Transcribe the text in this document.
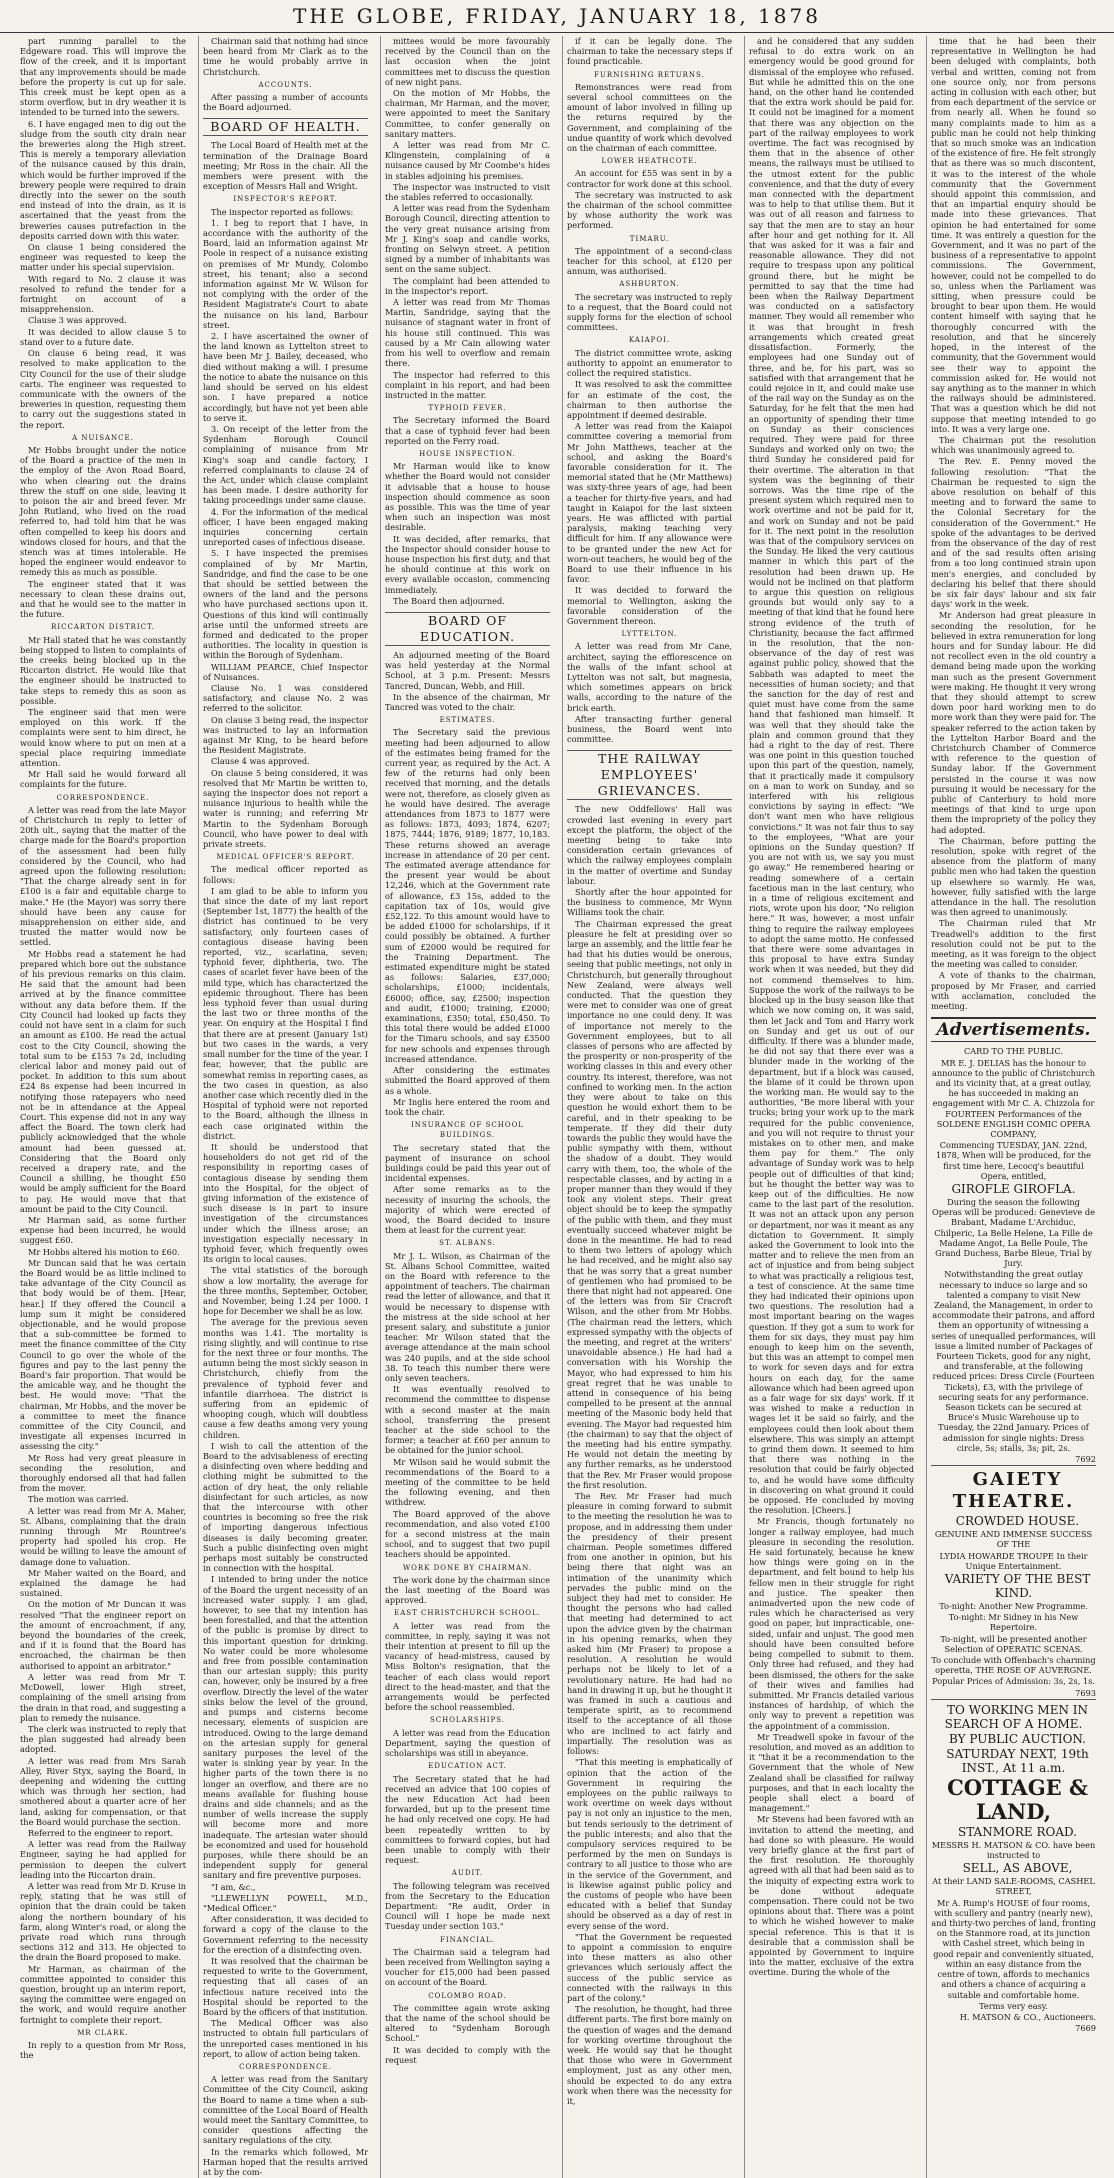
THE GLOBE, FRIDAY, JANUARY 18, 1878

part running parallel to the Edgeware road. This will improve the flow of the creek, and it is important that any improvements should be made before the property is cut up for sale. This creek must be kept open as a storm overflow, but in dry weather it is intended to be turned into the sewers.

6. I have engaged men to dig out the sludge from the south city drain near the breweries along the High street. This is merely a temporary alleviation of the nuisance caused by this drain, which would be further improved if the brewery people were required to drain directly into the sewer on the south end instead of into the drain, as it is ascertained that the yeast from the breweries causes putrefaction in the deposits carried down with this water.

On clause 1 being considered the engineer was requested to keep the matter under his special supervision.

With regard to No. 2 clause it was resolved to refund the tender for a fortnight on account of a misapprehension.

Clause 3 was approved.

It was decided to allow clause 5 to stand over to a future date.

On clause 6 being read, it was resolved to make application to the City Council for the use of their sludge carts. The engineer was requested to communicate with the owners of the breweries in question, requesting them to carry out the suggestions stated in the report.

A NUISANCE.

Mr Hobbs brought under the notice of the Board a practice of the men in the employ of the Avon Road Board, who when clearing out the drains threw the stuff on one side, leaving it to poison the air and breed fever. Mr John Rutland, who lived on the road referred to, had told him that he was often compelled to keep his doors and windows closed for hours, and that the stench was at times intolerable. He hoped the engineer would endeavor to remedy this as much as possible.

The engineer stated that it was necessary to clean these drains out, and that he would see to the matter in the future.

RICCARTON DISTRICT.

Mr Hall stated that he was constantly being stopped to listen to complaints of the creeks being blocked up in the Riccarton district. He would like that the engineer should be instructed to take steps to remedy this as soon as possible.

The engineer said that men were employed on this work. If the complaints were sent to him direct, he would know where to put on men at a special place requiring immediate attention.

Mr Hall said he would forward all complaints for the future.

CORRESPONDENCE.

A letter was read from the late Mayor of Christchurch in reply to letter of 20th ult., saying that the matter of the charge made for the Board's proportion of the assessment had been fully considered by the Council, who had agreed upon the following resolution: "That the charge already sent in for £100 is a fair and equitable charge to make." He (the Mayor) was sorry there should have been any cause for misapprehension on either side, and trusted the matter would now be settled.

Mr Hobbs read a statement he had prepared which bore out the substance of his previous remarks on this claim. He said that the amount had been arrived at by the finance committee without any data before them. If the City Council had looked up facts they could not have sent in a claim for such an amount as £100. He read the actual cost to the City Council, showing the total sum to be £153 7s 2d, including clerical labor and money paid out of pocket. In addition to this sum about £24 8s expense had been incurred in notifying those ratepayers who need not be in attendance at the Appeal Court. This expense did not in any way affect the Board. The town clerk had publicly acknowledged that the whole amount had been guessed at. Considering that the Board only received a drapery rate, and the Council a shilling, he thought £50 would be amply sufficient for the Board to pay. He would move that that amount be paid to the City Council.

Mr Harman said, as some further expense had been incurred, he would suggest £60.

Mr Hobbs altered his motion to £60.

Mr Duncan said that he was certain the Board would be as little inclined to take advantage of the City Council as that body would be of them. [Hear, hear.] If they offered the Council a lump sum it might be considered objectionable, and he would propose that a sub-committee be formed to meet the finance committee of the City Council to go over the whole of the figures and pay to the last penny the Board's fair proportion. That would be the amicable way, and he thought the best. He would move: "That the chairman, Mr Hobbs, and the mover be a committee to meet the finance committee of the City Council, and investigate all expenses incurred in assessing the city."

Mr Ross had very great pleasure in seconding the resolution, and thoroughly endorsed all that had fallen from the mover.

The motion was carried.

A letter was read from Mr A. Maher, St. Albans, complaining that the drain running through Mr Rountree's property had spoiled his crop. He would be willing to leave the amount of damage done to valuation.

Mr Maher waited on the Board, and explained the damage he had sustained.

On the motion of Mr Duncan it was resolved "That the engineer report on the amount of encroachment, if any, beyond the boundaries of the creek, and if it is found that the Board has encroached, the chairman be then authorised to appoint an arbitrator."

A letter was read from Mr T. McDowell, lower High street, complaining of the smell arising from the drain in that road, and suggesting a plan to remedy the nuisance.

The clerk was instructed to reply that the plan suggested had already been adopted.

A letter was read from Mrs Sarah Alley, River Styx, saying the Board, in deepening and widening the cutting which was through her section, had smothered about a quarter acre of her land, asking for compensation, or that the Board would purchase the section.

Referred to the engineer to report.

A letter was read from the Railway Engineer, saying he had applied for permission to deepen the culvert leading into the Riccarton drain.

A letter was read from Mr D. Kruse in reply, stating that he was still of opinion that the drain could be taken along the northern boundary of his farm, along Winter's road, or along the private road which runs through sections 312 and 313. He objected to the drain the Board proposed to make.

Mr Harman, as chairman of the committee appointed to consider this question, brought up an interim report, saying the committee were engaged on the work, and would require another fortnight to complete their report.

MR CLARK.

In reply to a question from Mr Ross, the

Chairman said that nothing had since been heard from Mr Clark as to the time he would probably arrive in Christchurch.

ACCOUNTS.

After passing a number of accounts the Board adjourned.

BOARD OF HEALTH.

The Local Board of Health met at the termination of the Drainage Board meeting; Mr Ross in the chair. All the members were present with the exception of Messrs Hall and Wright.

INSPECTOR'S REPORT.

The inspector reported as follows:

1. I beg to report that I have, in accordance with the authority of the Board, laid an information against Mr Poole in respect of a nuisance existing on premises of Mr Mundy, Colombo street, his tenant; also a second information against Mr W. Wilson for not complying with the order of the Resident Magistrate's Court to abate the nuisance on his land, Barbour street.

2. I have ascertained the owner of the land known as Lyttelton street to have been Mr J. Bailey, deceased, who died without making a will. I presume the notice to abate the nuisance on this land should be served on his eldest son. I have prepared a notice accordingly, but have not yet been able to serve it.

3. On receipt of the letter from the Sydenham Borough Council complaining of nuisance from Mr King's soap and candle factory, I referred complainants to clause 24 of the Act, under which clause complaint has been made. I desire authority for taking proceedings under same clause.

4. For the information of the medical officer, I have been engaged making inquiries concerning certain unreported cases of infectious disease.

5. I have inspected the premises complained of by Mr Martin, Sandridge, and find the case to be one that should be settled between the owners of the land and the persons who have purchased sections upon it. Questions of this kind will continually arise until the unformed streets are formed and dedicated to the proper authorities. The locality in question is within the Borough of Sydenham.

WILLIAM PEARCE, Chief Inspector of Nuisances.

Clause No. 1 was considered satisfactory, and clause No. 2 was referred to the solicitor.

On clause 3 being read, the inspector was instructed to lay an information against Mr King, to be heard before the Resident Magistrate.

Clause 4 was approved.

On clause 5 being considered, it was resolved that Mr Martin be written to, saying the inspector does not report a nuisance injurious to health while the water is running; and referring Mr Martin to the Sydenham Borough Council, who have power to deal with private streets.

MEDICAL OFFICER'S REPORT.

The medical officer reported as follows:

I am glad to be able to inform you that since the date of my last report (September 1st, 1877) the health of the district has continued to be very satisfactory, only fourteen cases of contagious disease having been reported, viz., scarlatina, seven; typhoid fever, diphtheria, two. The cases of scarlet fever have been of the mild type, which has characterized the epidemic throughout. There has been less typhoid fever than usual during the last two or three months of the year. On enquiry at the Hospital I find that there are at present (January 1st) but two cases in the wards, a very small number for the time of the year. I fear, however, that the public are somewhat remiss in reporting cases, as the two cases in question, as also another case which recently died in the Hospital of typhoid were not reported to the Board, although the illness in each case originated within the district.

It should be understood that householders do not get rid of the responsibility in reporting cases of contagious disease by sending them into the Hospital, for the object of giving information of the existence of such disease is in part to insure investigation of the circumstances under which the illness arose; an investigation especially necessary in typhoid fever, which frequently owes its origin to local causes.

The vital statistics of the borough show a low mortality, the average for the three months, September, October, and November, being 1.24 per 1000. I hope for December we shall be as low.

The average for the previous seven months was 1.41. The mortality is rising slightly, and will continue to rise for the next three or four months. The autumn being the most sickly season in Christchurch, chiefly from the prevalence of typhoid fever and infantile diarrhoea. The district is suffering from an epidemic of whooping cough, which will doubtless cause a few deaths among very young children.

I wish to call the attention of the Board to the advisableness of erecting a disinfecting oven where bedding and clothing might be submitted to the action of dry heat, the only reliable disinfectant for such articles, as now that the intercourse with other countries is becoming so free the risk of importing dangerous infectious diseases is daily becoming greater. Such a public disinfecting oven might perhaps most suitably be constructed in connection with the hospital.

I intended to bring under the notice of the Board the urgent necessity of an increased water supply. I am glad, however, to see that my intention has been forestalled, and that the attention of the public is promise by direct to this important question for drinking. No water could be more wholesome and free from possible contamination than our artesian supply; this purity can, however, only be insured by a free overflow. Directly the level of the water sinks below the level of the ground, and pumps and cisterns become necessary, elements of suspicion are introduced. Owing to the large demand on the artesian supply for general sanitary purposes the level of the water is sinking year by year. In the higher parts of the town there is no longer an overflow, and there are no means available for flushing house drains and side channels; and as the number of wells increase the supply will become more and more inadequate. The artesian water should be economized and used for household purposes, while there should be an independent supply for general sanitary and fire preventive purposes.

"I am, &c.,

"LLEWELLYN POWELL, M.D., "Medical Officer."

After consideration, it was decided to forward a copy of the clause to the Government referring to the necessity for the erection of a disinfecting oven.

It was resolved that the chairman be requested to write to the Government, requesting that all cases of an infectious nature received into the Hospital should be reported to the Board by the officers of that institution.

The Medical Officer was also instructed to obtain full particulars of the unreported cases mentioned in his report, to allow of action being taken.

CORRESPONDENCE.

A letter was read from the Sanitary Committee of the City Council, asking the Board to name a time when a sub-committee of the Local Board of Health would meet the Sanitary Committee, to consider questions affecting the sanitary regulations of the city.

In the remarks which followed, Mr Harman hoped that the results arrived at by the com-

mittees would be more favourably received by the Council than on the last occasion when the joint committees met to discuss the question of new night pans.

On the motion of Mr Hobbs, the chairman, Mr Harman, and the mover, were appointed to meet the Sanitary Committee, to confer generally on sanitary matters.

A letter was read from Mr C. Klingenstein, complaining of a nuisance caused by Mr Coombe's hides in stables adjoining his premises.

The inspector was instructed to visit the stables referred to occasionally.

A letter was read from the Sydenham Borough Council, directing attention to the very great nuisance arising from Mr J. King's soap and candle works, fronting on Selwyn street. A petition signed by a number of inhabitants was sent on the same subject.

The complaint had been attended to in the inspector's report.

A letter was read from Mr Thomas Martin, Sandridge, saying that the nuisance of stagnant water in front of his house still continued. This was caused by a Mr Cain allowing water from his well to overflow and remain there.

The inspector had referred to this complaint in his report, and had been instructed in the matter.

TYPHOID FEVER.

The Secretary informed the Board that a case of typhoid fever had been reported on the Ferry road.

HOUSE INSPECTION.

Mr Harman would like to know whether the Board would not consider it advisable that a house to house inspection should commence as soon as possible. This was the time of year when such an inspection was most desirable.

It was decided, after remarks, that the Inspector should consider house to house inspection his first duty, and that he should continue at this work on every available occasion, commencing immediately.

The Board then adjourned.

BOARD OF EDUCATION.

An adjourned meeting of the Board was held yesterday at the Normal School, at 3 p.m. Present: Messrs Tancred, Duncan, Webb, and Hill.

In the absence of the chairman, Mr Tancred was voted to the chair.

ESTIMATES.

The Secretary said the previous meeting had been adjourned to allow of the estimates being framed for the current year, as required by the Act. A few of the returns had only been received that morning, and the details were not, therefore, as closely given as he would have desired. The average attendances from 1873 to 1877 were as follows: 1873, 4093; 1874, 6207; 1875, 7444; 1876, 9189; 1877, 10,183. These returns showed an average increase in attendance of 20 per cent. The estimated average attendance for the present year would be about 12,246, which at the Government rate of allowance, £3 15s, added to the capitation tax of 10s, would give £52,122. To this amount would have to be added £1000 for scholarships, if it could possibly be obtained. A further sum of £2000 would be required for the Training Department. The estimated expenditure might be stated as follows: Salaries, £37,000; scholarships, £1000; incidentals, £6000; office, say, £2500; inspection and audit, £1000; training, £2000; examinations, £350; total, £50,450. To this total there would be added £1000 for the Timaru schools, and say £3500 for new schools and expenses through increased attendance.

After considering the estimates submitted the Board approved of them as a whole.

Mr Inglis here entered the room and took the chair.

INSURANCE OF SCHOOL BUILDINGS.

The secretary stated that the payment of insurance on school buildings could be paid this year out of incidental expenses.

After some remarks as to the necessity of insuring the schools, the majority of which were erected of wood, the Board decided to insure them at least for the current year.

ST. ALBANS.

Mr J. L. Wilson, as Chairman of the St. Albans School Committee, waited on the Board with reference to the appointment of teachers. The chairman read the letter of allowance, and that it would be necessary to dispense with the mistress at the side school at her present salary, and substitute a junior teacher. Mr Wilson stated that the average attendance at the main school was 240 pupils, and at the side school 38. To teach this number there were only seven teachers.

It was eventually resolved to recommend the committee to dispense with a second master at the main school, transferring the present teacher at the side school to the former; a teacher at £60 per annum to be obtained for the junior school.

Mr Wilson said he would submit the recommendations of the Board to a meeting of the committee to be held the following evening, and then withdrew.

The Board approved of the above recommendation, and also voted £100 for a second mistress at the main school, and to suggest that two pupil teachers should be appointed.

WORK DONE BY CHAIRMAN.

The work done by the chairman since the last meeting of the Board was approved.

EAST CHRISTCHURCH SCHOOL.

A letter was read from the committee, in reply, saying it was not their intention at present to fill up the vacancy of head-mistress, caused by Miss Bolton's resignation, that the teacher of each class would report direct to the head-master, and that the arrangements would be perfected before the school reassembled.

SCHOLARSHIPS.

A letter was read from the Education Department, saying the question of scholarships was still in abeyance.

EDUCATION ACT.

The Secretary stated that he had received an advice that 100 copies of the new Education Act had been forwarded, but up to the present time he had only received one copy. He had been repeatedly written to by committees to forward copies, but had been unable to comply with their request.

AUDIT.

The following telegram was received from the Secretary to the Education Department: "Re audit, Order in Council will I hope be made next Tuesday under section 103."

FINANCIAL.

The Chairman said a telegram had been received from Wellington saying a voucher for £15,000 had been passed on account of the Board.

COLOMBO ROAD.

The committee again wrote asking that the name of the school should be altered to "Sydenham Borough School."

It was decided to comply with the request

if it can be legally done. The chairman to take the necessary steps if found practicable.

FURNISHING RETURNS.

Remonstrances were read from several school committees on the amount of labor involved in filling up the returns required by the Government, and complaining of the undue quantity of work which devolved on the chairman of each committee.

LOWER HEATHCOTE.

An account for £55 was sent in by a contractor for work done at this school.

The secretary was instructed to ask the chairman of the school committee by whose authority the work was performed.

TIMARU.

The appointment of a second-class teacher for this school, at £120 per annum, was authorised.

ASHBURTON.

The secretary was instructed to reply to a request, that the Board could not supply forms for the election of school committees.

KAIAPOI.

The district committee wrote, asking authority to appoint an enumerator to collect the required statistics.

It was resolved to ask the committee for an estimate of the cost, the chairman to then authorise the appointment if deemed desirable.

A letter was read from the Kaiapoi committee covering a memorial from Mr John Matthews, teacher at the school, and asking the Board's favorable consideration for it. The memorial stated that he (Mr Matthews) was sixty-three years of age, had been a teacher for thirty-five years, and had taught in Kaiapoi for the last sixteen years. He was afflicted with partial paralysis, making teaching very difficult for him. If any allowance were to be granted under the new Act for worn-out teachers, he would beg of the Board to use their influence in his favor.

It was decided to forward the memorial to Wellington, asking the favorable consideration of the Government thereon.

LYTTELTON.

A letter was read from Mr Cane, architect, saying the efflorescence on the walls of the infant school at Lyttelton was not salt, but magnesia, which sometimes appears on brick walls, according to the nature of the brick earth.

After transacting further general business, the Board went into committee.

THE RAILWAY EMPLOYEES' GRIEVANCES.

The new Oddfellows' Hall was crowded last evening in every part except the platform, the object of the meeting being to take into consideration certain grievances of which the railway employees complain in the matter of overtime and Sunday labour.

Shortly after the hour appointed for the business to commence, Mr Wynn Williams took the chair.

The Chairman expressed the great pleasure he felt at presiding over so large an assembly, and the little fear he had that his duties would be onerous, seeing that public meetings, not only in Christchurch, but generally throughout New Zealand, were always well conducted. That the question they were met to consider was one of great importance no one could deny. It was of importance not merely to the Government employees, but to all classes of persons who are affected by the prosperity or non-prosperity of the working classes in this and every other country. Its interest, therefore, was not confined to working men. In the action they were about to take on this question he would exhort them to be careful, and in their speaking to be temperate. If they did their duty towards the public they would have the public sympathy with them, without the shadow of a doubt. They would carry with them, too, the whole of the respectable classes, and by acting in a proper manner than they would if they took any violent steps. Their great object should be to keep the sympathy of the public with them, and they must eventually succeed whatever might be done in the meantime. He had to read to them two letters of apology which he had received, and he might also say that he was sorry that a great number of gentlemen who had promised to be there that night had not appeared. One of the letters was from Sir Cracroft Wilson, and the other from Mr Hobbs. (The chairman read the letters, which expressed sympathy with the objects of the meeting, and regret at the writers' unavoidable absence.) He had had a conversation with his Worship the Mayor, who had expressed to him his great regret that he was unable to attend in consequence of his being compelled to be present at the annual meeting of the Masonic body held that evening. The Mayor had requested him (the chairman) to say that the object of the meeting had his entire sympathy. He would not detain the meeting by any further remarks, as he understood that the Rev. Mr Fraser would propose the first resolution.

The Rev. Mr Fraser had much pleasure in coming forward to submit to the meeting the resolution he was to propose, and in addressing them under the presidency of their present chairman. People sometimes differed from one another in opinion, but his being there that night was an intimation of the unanimity which pervades the public mind on the subject they had met to consider. He thought the persons who had called that meeting had determined to act upon the advice given by the chairman in his opening remarks, when they asked him (Mr Fraser) to propose a resolution. A resolution he would perhaps not be likely to let of a revolutionary nature. He had had no hand in drawing it up, but he thought it was framed in such a cautious and temperate spirit, as to recommend itself to the acceptance of all those who are inclined to act fairly and impartially. The resolution was as follows:

"That this meeting is emphatically of opinion that the action of the Government in requiring the employees on the public railways to work overtime on week days without pay is not only an injustice to the men, but tends seriously to the detriment of the public interests; and also that the compulsory services required to be performed by the men on Sundays is contrary to all justice to those who are in the service of the Government, and is likewise against public policy and the customs of people who have been educated with a belief that Sunday should be observed as a day of rest in every sense of the word.

"That the Government be requested to appoint a commission to enquire into these matters as also other grievances which seriously affect the success of the public service as connected with the railways in this part of the colony."

The resolution, he thought, had three different parts. The first bore mainly on the question of wages and the demand for working overtime throughout the week. He would say that he thought that those who were in Government employment, just as any other men, should be expected to do any extra work when there was the necessity for it,

and he considered that any sudden refusal to do extra work on an emergency would be good ground for dismissal of the employee who refused. But while he admitted this on the one hand, on the other hand he contended that the extra work should be paid for. It could not be imagined for a moment that there was any objection on the part of the railway employees to work overtime. The fact was recognised by them that in the absence of other means, the railways must be utilised to the utmost extent for the public convenience, and that the duty of every man connected with the department was to help to that utilise them. But it was out of all reason and fairness to say that the men are to stay an hour after hour and get nothing for it. All that was asked for it was a fair and reasonable allowance. They did not require to trespass upon any political ground there, but he might be permitted to say that the time had been when the Railway Department was conducted on a satisfactory manner. They would all remember who it was that brought in fresh arrangements which created great dissatisfaction. Formerly, the employees had one Sunday out of three, and he, for his part, was so satisfied with that arrangement that he could rejoice in it, and could make use of the rail way on the Sunday as on the Saturday, for he felt that the men had an opportunity of spending their time on Sunday as their consciences required. They were paid for three Sundays and worked only on two; the third Sunday he considered paid for their overtime. The alteration in that system was the beginning of their sorrows. Was the time ripe of the present system which required men to work overtime and not be paid for it, and work on Sunday and not be paid for it. The next point in the resolution was that of the compulsory services on the Sunday. He liked the very cautious manner in which this part of the resolution had been drawn up. He would not be inclined on that platform to argue this question on religious grounds but would only say to a meeting of that kind that he found here strong evidence of the truth of Christianity, because the fact affirmed in the resolution, that the non-observance of the day of rest was against public policy, showed that the Sabbath was adapted to meet the necessities of human society; and that the sanction for the day of rest and quiet must have come from the same hand that fashioned man himself. It was well that they should take the plain and common ground that they had a right to the day of rest. There was one point in this question touched upon this part of the question, namely, that it practically made it compulsory on a man to work on Sunday, and so interfered with his religious convictions by saying in effect: "We don't want men who have religious convictions." It was not fair thus to say to the employees, "What are your opinions on the Sunday question? If you are not with us, we say you must go away." He remembered hearing or reading somewhere of a certain facetious man in the last century, who in a time of religious excitement and riots, wrote upon his door, "No religion here." It was, however, a most unfair thing to require the railway employees to adopt the same motto. He confessed that there were some advantages in this proposal to have extra Sunday work when it was needed, but they did not commend themselves to him. Suppose the work of the railways to be blocked up in the busy season like that which we now coming on, it was said, then let Jack and Tom and Harry work on Sunday and get us out of our difficulty. If there was a blunder made, he did not say that there ever was a blunder made in the working of the department, but if a block was caused, the blame of it could be thrown upon the working man. He would say to the authorities, "Be more liberal with your trucks; bring your work up to the mark required for the public convenience, and you will not require to thrust your mistakes on to other men, and make them pay for them." The only advantage of Sunday work was to help people out of difficulties of that kind; but he thought the better way was to keep out of the difficulties. He now came to the last part of the resolution. It was not an attack upon any person or department, nor was it meant as any dictation to Government. It simply asked the Government to look into the matter and to relieve the men from an act of injustice and from being subject to what was practically a religious test, a test of conscience. At the same time they had indicated their opinions upon two questions. The resolution had a most important bearing on the wages question. If they got a sum to work for them for six days, they must pay him enough to keep him on the seventh, but this was an attempt to compel men to work for seven days and for extra hours on each day, for the same allowance which had been agreed upon as a fair wage for six days' work. If it was wished to make a reduction in wages let it be said so fairly, and the employees could then look about them elsewhere. This was simply an attempt to grind them down. It seemed to him that there was nothing in the resolution that could be fairly objected to, and he would have some difficulty in discovering on what ground it could be opposed. He concluded by moving the resolution. [Cheers.]

Mr Francis, though fortunately no longer a railway employee, had much pleasure in seconding the resolution. He said fortunately, because he knew how things were going on in the department, and felt bound to help his fellow men in their struggle for right and justice. The speaker then animadverted upon the new code of rules which he characterised as very good on paper, but impracticable, one-sided, unfair and unjust. The good men should have been consulted before being compelled to submit to them. Only three had refused, and they had been dismissed, the others for the sake of their wives and families had submitted. Mr Francis detailed various instances of hardship, of which the only way to prevent a repetition was the appointment of a commission.

Mr Treadwell spoke in favour of the resolution, and moved as an addition to it "that it be a recommendation to the Government that the whole of New Zealand shall be classified for railway purposes, and that in each locality the people shall elect a board of management."

Mr Stevens had been favored with an invitation to attend the meeting, and had done so with pleasure. He would very briefly glance at the first part of the first resolution. He thoroughly agreed with all that had been said as to the iniquity of expecting extra work to be done without adequate compensation. There could not be two opinions about that. There was a point to which he wished however to make special reference. This is that it is desirable that a commission shall be appointed by Government to inquire into the matter, exclusive of the extra overtime. During the whole of the

time that he had been their representative in Wellington he had been deluged with complaints, both verbal and written, coming not from one source only, nor from persons acting in collusion with each other, but from each department of the service or from nearly all. When he found so many complaints made to him as a public man he could not help thinking that so much smoke was an indication of the existence of fire. He felt strongly that as there was so much discontent, it was to the interest of the whole community that the Government should appoint this commission, and that an impartial enquiry should be made into these grievances. That opinion he had entertained for some time. It was entirely a question for the Government, and it was no part of the business of a representative to appoint commissions. The Government, however, could not be compelled to do so, unless when the Parliament was sitting, when pressure could be brought to bear upon them. He would content himself with saying that he thoroughly concurred with the resolution, and that he sincerely hoped, in the interest of the community, that the Government would see their way to appoint the commission asked for. He would not say anything as to the manner in which the railways should be administered. That was a question which he did not suppose that meeting intended to go into. It was a very large one.

The Chairman put the resolution which was unanimously agreed to.

The Rev. E. Penny moved the following resolution: "That the Chairman be requested to sign the above resolution on behalf of this meeting and to forward the same to the Colonial Secretary for the consideration of the Government." He spoke of the advantages to be derived from the observance of the day of rest and of the sad results often arising from a too long continued strain upon men's energies, and concluded by declaring his belief that there should be six fair days' labour and six fair days' work in the week.

Mr Anderson had great pleasure in seconding the resolution, for he believed in extra remuneration for long hours and for Sunday labour. He did not recollect even in the old country a demand being made upon the working man such as the present Government were making. He thought it very wrong that they should attempt to screw down poor hard working men to do more work than they were paid for. The speaker referred to the action taken by the Lyttelton Harbor Board and the Christchurch Chamber of Commerce with reference to the question of Sunday labor. If the Government persisted in the course it was now pursuing it would be necessary for the public of Canterbury to hold more meetings of that kind to urge upon them the impropriety of the policy they had adopted.

The Chairman, before putting the resolution, spoke with regret of the absence from the platform of many public men who had taken the question up elsewhere so warmly. He was, however, fully satisfied with the large attendance in the hall. The resolution was then agreed to unanimously.

The Chairman ruled that Mr Treadwell's addition to the first resolution could not be put to the meeting, as it was foreign to the object the meeting was called to consider.

A vote of thanks to the chairman, proposed by Mr Fraser, and carried with acclamation, concluded the meeting.

Advertisements.

CARD TO THE PUBLIC.

MR E. J. DELIAS has the honour to announce to the public of Christchurch and its vicinity that, at a great outlay, he has succeeded in making an engagement with Mr C. A. Chizzola for FOURTEEN Performances of the SOLDENE ENGLISH COMIC OPERA COMPANY,

Commencing TUESDAY, JAN. 22nd, 1878, When will be produced, for the first time here, Lecocq's beautiful Opera, entitled,

GIROFLE GIROFLA.

During the season the following Operas will be produced: Genevieve de Brabant, Madame L'Archiduc, Chilperic, La Belle Helene, La Fille de Madame Angot, La Belle Poule, The Grand Duchess, Barbe Bleue, Trial by Jury.

Notwithstanding the great outlay necessary to induce so large and so talented a company to visit New Zealand, the Management, in order to accommodate their patrons, and afford them an opportunity of witnessing a series of unequalled performances, will issue a limited number of Packages of Fourteen Tickets, good for any night, and transferable, at the following reduced prices: Dress Circle (Fourteen Tickets), £3, with the privilege of securing seats for any performance. Season tickets can be secured at Bruce's Music Warehouse up to Tuesday, the 22nd January. Prices of admission for single nights: Dress circle, 5s; stalls, 3s; pit, 2s.

7692

GAIETY THEATRE.

CROWDED HOUSE.

GENUINE AND IMMENSE SUCCESS OF THE

LYDIA HOWARDE TROUPE In their Unique Entertainment.

VARIETY OF THE BEST KIND.

To-night: Another New Programme.

To-night: Mr Sidney in his New Repertoire.

To-night, will be presented another Selection of OPERATIC SCENAS.

To conclude with Offenbach's charming operetta, THE ROSE OF AUVERGNE.

Popular Prices of Admission: 3s, 2s, 1s.

7693

TO WORKING MEN IN SEARCH OF A HOME.

BY PUBLIC AUCTION.

SATURDAY NEXT, 19th INST., At 11 a.m.

COTTAGE & LAND,

STANMORE ROAD.

MESSRS H. MATSON & CO. have been instructed to

SELL, AS ABOVE,

At their LAND SALE-ROOMS, CASHEL STREET,

Mr A. Rump's HOUSE of four rooms, with scullery and pantry (nearly new), and thirty-two perches of land, fronting on the Stanmore road, at its junction with Cashel street, which being in good repair and conveniently situated, within an easy distance from the centre of town, affords to mechanics and others a chance of acquiring a suitable and comfortable home.

Terms very easy.

H. MATSON & CO., Auctioneers.

7669
